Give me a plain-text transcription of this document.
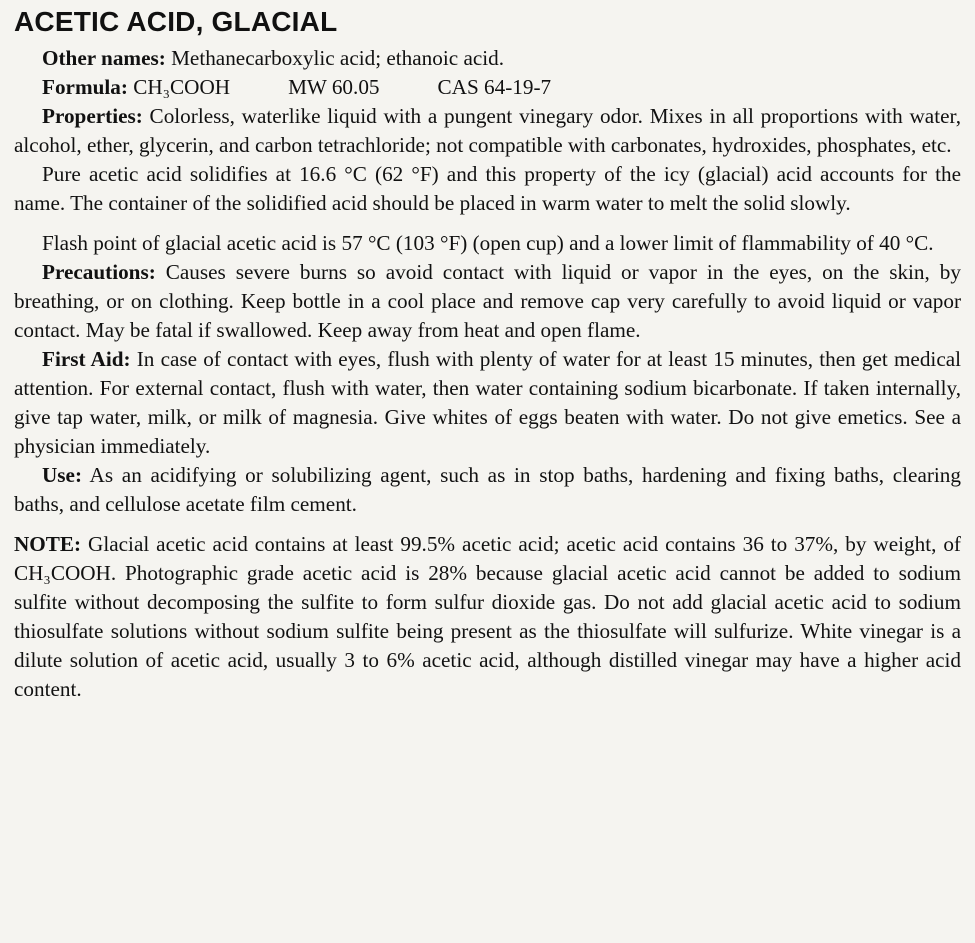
ACETIC ACID, GLACIAL

Other names: Methanecarboxylic acid; ethanoic acid.

Formula: CH₃COOH	MW 60.05	CAS 64-19-7

Properties: Colorless, waterlike liquid with a pungent vinegary odor. Mixes in all proportions with water, alcohol, ether, glycerin, and carbon tetrachloride; not compatible with carbonates, hydroxides, phosphates, etc.

Pure acetic acid solidifies at 16.6 °C (62 °F) and this property of the icy (glacial) acid accounts for the name. The container of the solidified acid should be placed in warm water to melt the solid slowly.

Flash point of glacial acetic acid is 57 °C (103 °F) (open cup) and a lower limit of flammability of 40 °C.

Precautions: Causes severe burns so avoid contact with liquid or vapor in the eyes, on the skin, by breathing, or on clothing. Keep bottle in a cool place and remove cap very carefully to avoid liquid or vapor contact. May be fatal if swallowed. Keep away from heat and open flame.

First Aid: In case of contact with eyes, flush with plenty of water for at least 15 minutes, then get medical attention. For external contact, flush with water, then water containing sodium bicarbonate. If taken internally, give tap water, milk, or milk of magnesia. Give whites of eggs beaten with water. Do not give emetics. See a physician immediately.

Use: As an acidifying or solubilizing agent, such as in stop baths, hardening and fixing baths, clearing baths, and cellulose acetate film cement.

NOTE: Glacial acetic acid contains at least 99.5% acetic acid; acetic acid contains 36 to 37%, by weight, of CH₃COOH. Photographic grade acetic acid is 28% because glacial acetic acid cannot be added to sodium sulfite without decomposing the sulfite to form sulfur dioxide gas. Do not add glacial acetic acid to sodium thiosulfate solutions without sodium sulfite being present as the thiosulfate will sulfurize. White vinegar is a dilute solution of acetic acid, usually 3 to 6% acetic acid, although distilled vinegar may have a higher acid content.
